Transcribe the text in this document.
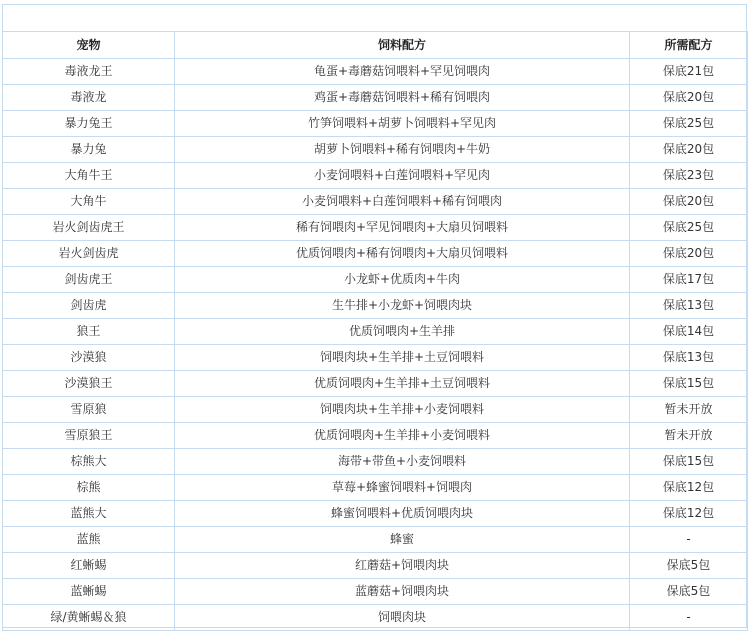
宠物	饲料配方	所需配方
毒液龙王	龟蛋+毒蘑菇饲喂料+罕见饲喂肉	保底21包
毒液龙	鸡蛋+毒蘑菇饲喂料+稀有饲喂肉	保底20包
暴力兔王	竹笋饲喂料+胡萝卜饲喂料+罕见肉	保底25包
暴力兔	胡萝卜饲喂料+稀有饲喂肉+牛奶	保底20包
大角牛王	小麦饲喂料+白莲饲喂料+罕见肉	保底23包
大角牛	小麦饲喂料+白莲饲喂料+稀有饲喂肉	保底20包
岩火剑齿虎王	稀有饲喂肉+罕见饲喂肉+大扇贝饲喂料	保底25包
岩火剑齿虎	优质饲喂肉+稀有饲喂肉+大扇贝饲喂料	保底20包
剑齿虎王	小龙虾+优质肉+牛肉	保底17包
剑齿虎	生牛排+小龙虾+饲喂肉块	保底13包
狼王	优质饲喂肉+生羊排	保底14包
沙漠狼	饲喂肉块+生羊排+土豆饲喂料	保底13包
沙漠狼王	优质饲喂肉+生羊排+土豆饲喂料	保底15包
雪原狼	饲喂肉块+生羊排+小麦饲喂料	暂未开放
雪原狼王	优质饲喂肉+生羊排+小麦饲喂料	暂未开放
棕熊大	海带+带鱼+小麦饲喂料	保底15包
棕熊	草莓+蜂蜜饲喂料+饲喂肉	保底12包
蓝熊大	蜂蜜饲喂料+优质饲喂肉块	保底12包
蓝熊	蜂蜜	-
红蜥蜴	红蘑菇+饲喂肉块	保底5包
蓝蜥蜴	蓝蘑菇+饲喂肉块	保底5包
绿/黄蜥蜴＆狼	饲喂肉块	-
